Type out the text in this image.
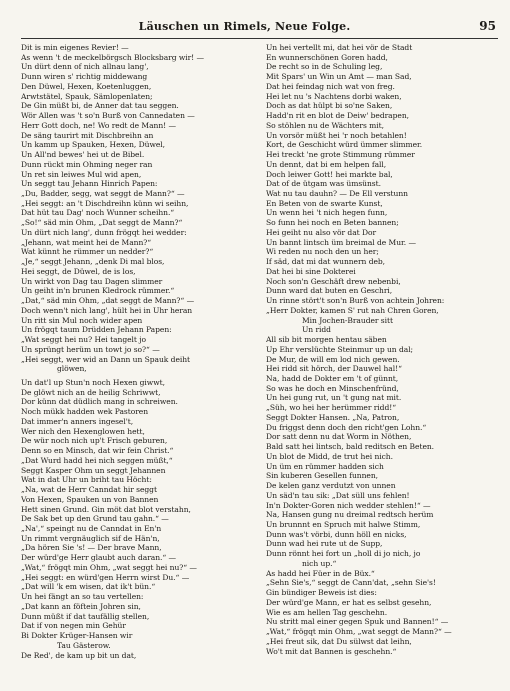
Läuschen un Rimels, Neue Folge.	95
Dit is min eigenes Revier! —
As wenn 't de meckelbörgsch Blocksbarg wir! —
Un dürt denn of nich allnau lang',
Dunn wiren s' richtig middewang
Den Düwel, Hexen, Koetenluggen,
Arwtstätel, Spauk, Sämlopenlaten;
De Gin müßt bi, de Anner dat tau seggen.
Wör Allen was 't so'n Burß von Cannedaten —
Herr Gott doch, ne! Wo redt de Mann! —
De säng taurirt mit Dischbreihn an
Un kamm up Spauken, Hexen, Düwel,
Un All'nd bewes' hei ut de Bibel.
Dunn rückt min Ohming neger ran
Un ret sin leiwes Mul wid apen,
Un seggt tau Jehann Hinrich Papen:
„Du, Badder, segg, wat seggt de Mann?“ —
„Hei seggt: an 't Dischdreihn künn wi seihn,
Dat hüt tau Dag' noch Wunner scheihn.“
„So!“ säd min Ohm, „Dat seggt de Mann?“
Un dürt nich lang', dunn frögqt hei wedder:
„Jehann, wat meint hei de Mann?“
Wat künnt he rümmer un nedder?“
„Je,“ seggt Jehann, „denk Di mal blos,
Hei seggt, de Düwel, de is los,
Un wirkt von Dag tau Dagen slimmer
Un geiht in'n brunen Kledrock rümmer.“
„Dat,“ säd min Ohm, „dat seggt de Mann?“ —
Doch wenn't nich lang', hült hei in Uhr heran
Un ritt sin Mul noch wider apen
Un frögqt taum Drüdden Jehann Papen:
„Wat seggt hei nu? Hei tangelt jo
Un sprüngt herüm un towt jo so?“ —
„Hei seggt, wer wid an Dann un Spauk deiht
glöwen,
Un dat'l up Stun'n noch Hexen giwwt,
De glöwt nich an de heilig Schriwwt,
Dor künn dat düdlich mang in schreiwen.
Noch mükk hadden wek Pastoren
Dat immer'n anners ingesel't,
Wer nich den Hexenglowen hett,
De wür noch nich up't Frisch geburen,
Denn so en Minsch, dat wir fein Christ.“
„Dat Wurd hadd hei nich seggen müßt,“
Seggt Kasper Ohm un seggt Jehannen
Wat in dat Uhr un briht tau Höcht:
„Na, wat de Herr Canndat hir seggt
Von Hexen, Spauken un von Bannen
Hett sinen Grund. Gin möt dat blot verstahn,
De Sak bet up den Grund tau gahn.“ —
„Na',“ speingt nu de Canndat in En'n
Un rimmt vergnäuglich sif de Hän'n,
„Da hören Sie 's! — Der brave Mann,
Der würd'ge Herr glaubt auch daran.“ —
„Wat,“ frögqt min Ohm, „wat seggt hei nu?“ —
„Hei seggt: en würd'gen Herrn wirst Du.“ —
„Dat will 'k em wisen, dat ik't bün.“
Un hei fängt an so tau vertellen:
„Dat kann an föftein Johren sin,
Dunn müßt if dat taufällig stellen,
Dat if von negen min Gehür
Bi Dokter Krüger-Hansen wir
Tau Gästerow.
De Red', de kam up bit un dat,
Un hei vertellt mi, dat hei vör de Stadt
En wunnerschönen Goren hadd,
De recht so in de Schuling leg,
Mit Spars' un Win un Amt — man Sad,
Dat hei feindag nich wat von freg.
Hei let nu 's Nachtens dorbi waken,
Doch as dat hülpt bi so'ne Saken,
Hadd'n rit en blot de Deiw' bedrapen,
So stöhlen nu de Wächters mit,
Un vorsör müßt hei 'r noch betahlen!
Kort, de Geschicht würd ümmer slimmer.
Hei treckt 'ne grote Stimmung rümmer
Un dennt, dat bi em helpen fall,
Doch leiwer Gott! hei markte bal,
Dat of de ütgam was ümsünst.
Wat nu tau dauhn? — De Ell verstunn
En Beten von de swarte Kunst,
Un wenn hei 't nich hegen funn,
So funn hei noch en Beten bannen;
Hei geiht nu also vör dat Dor
Un bannt lintsch üm breimal de Mur. —
Wi reden nu noch den un her;
If säd, dat mi dat wunnern deb,
Dat hei bi sine Dokterei
Noch son'n Geschäft drew nebenbi,
Dunn ward dat buten en Geschri,
Un rinne stört't son'n Burß von achtein Johren:
„Herr Dokter, kamen S' rut nah Chren Goren,
Min Jochen-Brauder sitt
Un ridd
All sib bit morgen hentau säben
Up Ehr verslüchte Steinmur up un dal;
De Mur, de will em lod nich gewen.
Hei ridd sit hörch, der Dauwel hal!“
Na, hadd de Dokter em 't of günnt,
So was he doch en Minschenfründ,
Un hei gung rut, un 't gung nat mit.
„Süh, wo hei her herümmer ridd!“
Seggt Dokter Hansen. „Na, Patron,
Du friggst denn doch den richt'gen Lohn.“
Dor satt denn nu dat Worm in Nöthen,
Bald satt hei lintsch, bald reditsch en Beten.
Un blot de Midd, de trut hei nich.
Un üm en rümmer hadden sich
Sin kuberen Gesellen funnen,
De kelen ganz verdutzt von unnen
Un säd'n tau sik: „Dat süll uns fehlen!
In'n Dokter-Goren nich wedder stehlen!“ —
Na, Hansen gung nu dreimal redtsch herüm
Un brunnnt en Spruch mit halwe Stimm,
Dunn was't vörbi, dunn höll en nicks,
Dunn wad hei rute ut de Supp,
Dunn rönnt hei fort un „holl di jo nich, jo
nich up.“
As hadd hei Füer in de Büx.“
„Sehn Sie's,“ seggt de Cann'dat, „sehn Sie's!
Gin bündiger Beweis ist dies:
Der würd'ge Mann, er hat es selbst gesehn,
Wie es am hellen Tag geschehn.
Nu stritt mal einer gegen Spuk und Bannen!“ —
„Wat,“ frögqt min Ohm, „wat seggt de Mann?“ —
„Hei freut sik, dat Du sülwst dat leihn,
Wo't mit dat Bannen is geschehn.“
